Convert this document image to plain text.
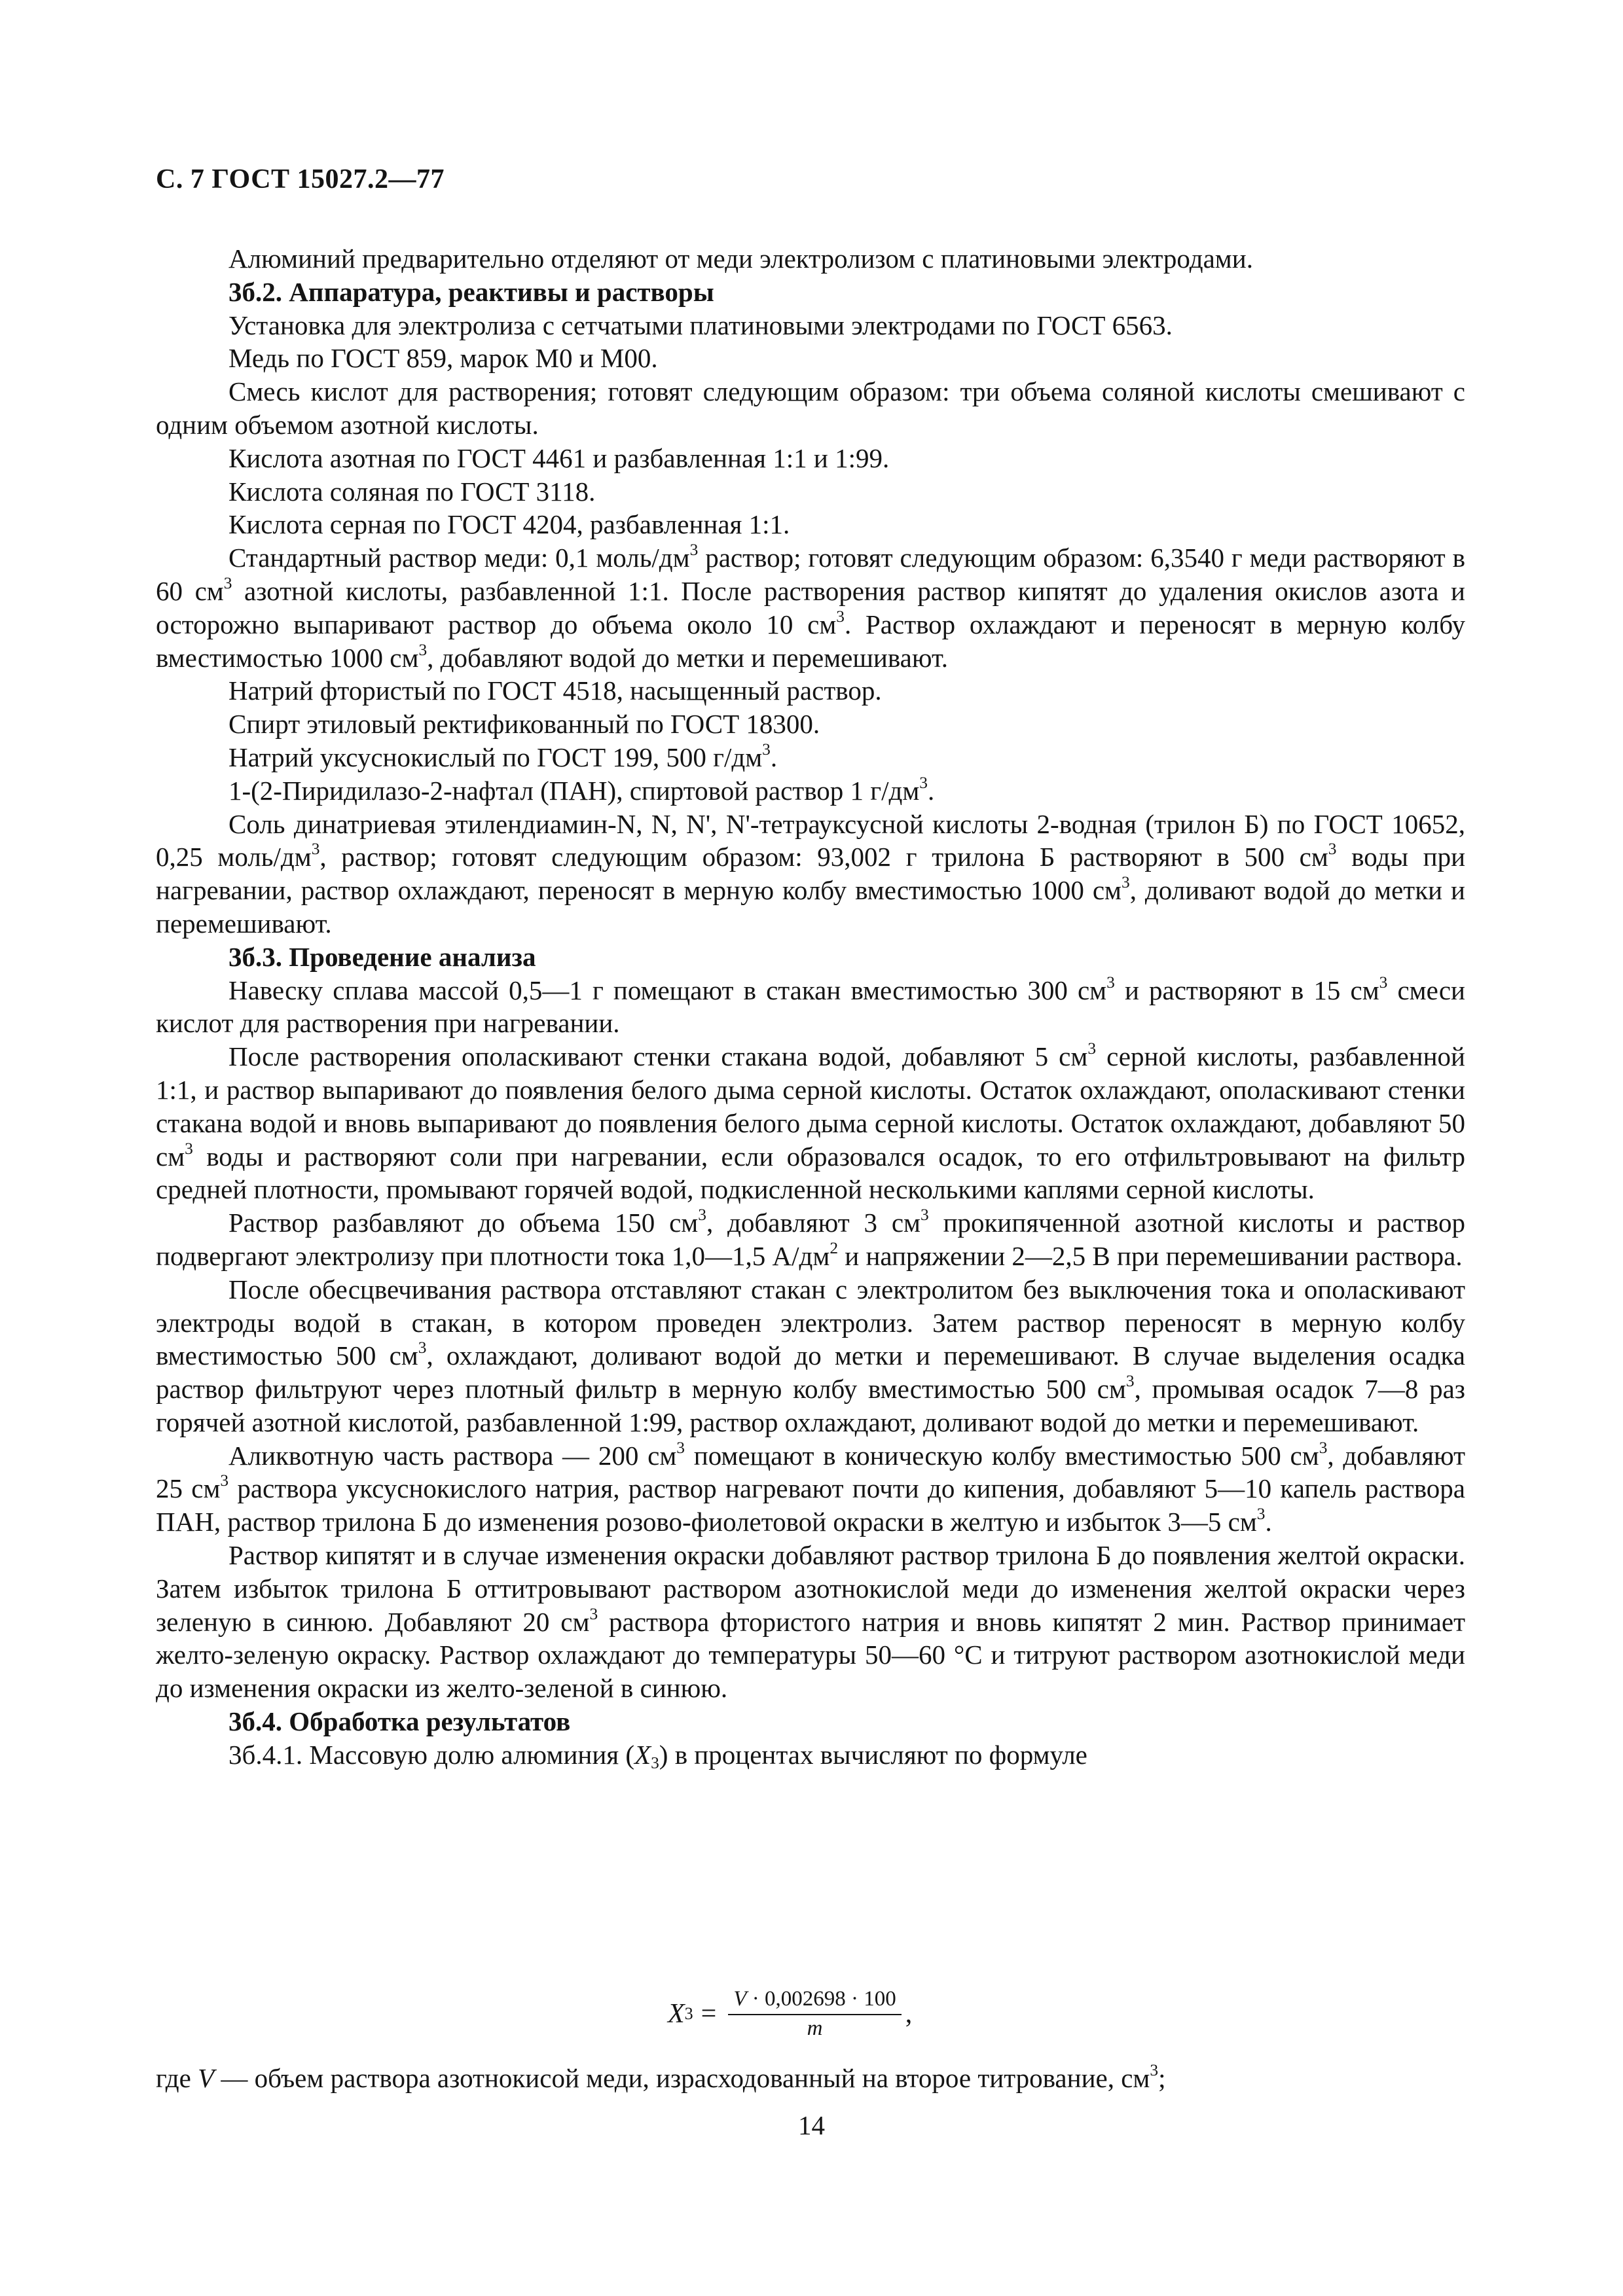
С. 7 ГОСТ 15027.2—77

Алюминий предварительно отделяют от меди электролизом с платиновыми электродами.

3б.2. Аппаратура, реактивы и растворы

Установка для электролиза с сетчатыми платиновыми электродами по ГОСТ 6563.

Медь по ГОСТ 859, марок М0 и М00.

Смесь кислот для растворения; готовят следующим образом: три объема соляной кислоты смешивают с одним объемом азотной кислоты.

Кислота азотная по ГОСТ 4461 и разбавленная 1:1 и 1:99.

Кислота соляная по ГОСТ 3118.

Кислота серная по ГОСТ 4204, разбавленная 1:1.

Стандартный раствор меди: 0,1 моль/$дм^3$ раствор; готовят следующим образом: 6,3540 г меди растворяют в 60 $см^3$ азотной кислоты, разбавленной 1:1. После растворения раствор кипятят до удаления окислов азота и осторожно выпаривают раствор до объема около 10 $см^3$. Раствор охлаждают и переносят в мерную колбу вместимостью 1000 $см^3$, добавляют водой до метки и перемешивают.

Натрий фтористый по ГОСТ 4518, насыщенный раствор.

Спирт этиловый ректификованный по ГОСТ 18300.

Натрий уксуснокислый по ГОСТ 199, 500 $г/дм^3$.

1-(2-Пиридилазо-2-нафтал (ПАН), спиртовой раствор 1 $г/дм^3$.

Соль динатриевая этилендиамин-N, N, N', N'-тетрауксусной кислоты 2-водная (трилон Б) по ГОСТ 10652, 0,25 моль/$дм^3$, раствор; готовят следующим образом: 93,002 г трилона Б растворяют в 500 $см^3$ воды при нагревании, раствор охлаждают, переносят в мерную колбу вместимостью 1000 $см^3$, доливают водой до метки и перемешивают.

3б.3. Проведение анализа

Навеску сплава массой 0,5—1 г помещают в стакан вместимостью 300 $см^3$ и растворяют в 15 $см^3$ смеси кислот для растворения при нагревании.

После растворения ополаскивают стенки стакана водой, добавляют 5 $см^3$ серной кислоты, разбавленной 1:1, и раствор выпаривают до появления белого дыма серной кислоты. Остаток охлаждают, ополаскивают стенки стакана водой и вновь выпаривают до появления белого дыма серной кислоты. Остаток охлаждают, добавляют 50 $см^3$ воды и растворяют соли при нагревании, если образовался осадок, то его отфильтровывают на фильтр средней плотности, промывают горячей водой, подкисленной несколькими каплями серной кислоты.

Раствор разбавляют до объема 150 $см^3$, добавляют 3 $см^3$ прокипяченной азотной кислоты и раствор подвергают электролизу при плотности тока 1,0—1,5 $А/дм^2$ и напряжении 2—2,5 В при перемешивании раствора.

После обесцвечивания раствора отставляют стакан с электролитом без выключения тока и ополаскивают электроды водой в стакан, в котором проведен электролиз. Затем раствор переносят в мерную колбу вместимостью 500 $см^3$, охлаждают, доливают водой до метки и перемешивают. В случае выделения осадка раствор фильтруют через плотный фильтр в мерную колбу вместимостью 500 $см^3$, промывая осадок 7—8 раз горячей азотной кислотой, разбавленной 1:99, раствор охлаждают, доливают водой до метки и перемешивают.

Аликвотную часть раствора — 200 $см^3$ помещают в коническую колбу вместимостью 500 $см^3$, добавляют 25 $см^3$ раствора уксуснокислого натрия, раствор нагревают почти до кипения, добавляют 5—10 капель раствора ПАН, раствор трилона Б до изменения розово-фиолетовой окраски в желтую и избыток 3—5 $см^3$.

Раствор кипятят и в случае изменения окраски добавляют раствор трилона Б до появления желтой окраски. Затем избыток трилона Б оттитровывают раствором азотнокислой меди до изменения желтой окраски через зеленую в синюю. Добавляют 20 $см^3$ раствора фтористого натрия и вновь кипятят 2 мин. Раствор принимает желто-зеленую окраску. Раствор охлаждают до температуры 50—60 °С и титруют раствором азотнокислой меди до изменения окраски из желто-зеленой в синюю.

3б.4. Обработка результатов

3б.4.1. Массовую долю алюминия $(X_3)$ в процентах вычисляют по формуле

X $3 = \frac{V \cdot 0,002698 \cdot 100}{m}$ ,
где V — объем раствора азотнокисой меди, израсходованный на второе титрование, $см^3$;
14
